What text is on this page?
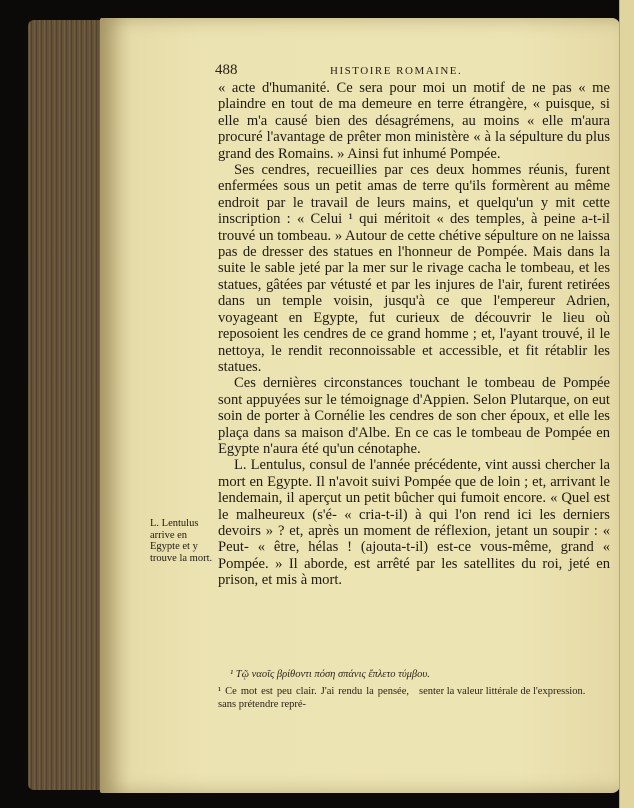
488	HISTOIRE ROMAINE.

« acte d'humanité. Ce sera pour moi un motif de ne pas « me plaindre en tout de ma demeure en terre étrangère, « puisque, si elle m'a causé bien des désagrémens, au moins « elle m'aura procuré l'avantage de prêter mon ministère « à la sépulture du plus grand des Romains. » Ainsi fut inhumé Pompée.

Ses cendres, recueillies par ces deux hommes réunis, furent enfermées sous un petit amas de terre qu'ils formèrent au même endroit par le travail de leurs mains, et quelqu'un y mit cette inscription : « Celui ¹ qui méritoit « des temples, à peine a-t-il trouvé un tombeau. » Autour de cette chétive sépulture on ne laissa pas de dresser des statues en l'honneur de Pompée. Mais dans la suite le sable jeté par la mer sur le rivage cacha le tombeau, et les statues, gâtées par vétusté et par les injures de l'air, furent retirées dans un temple voisin, jusqu'à ce que l'empereur Adrien, voyageant en Egypte, fut curieux de découvrir le lieu où reposoient les cendres de ce grand homme ; et, l'ayant trouvé, il le nettoya, le rendit reconnoissable et accessible, et fit rétablir les statues.

Ces dernières circonstances touchant le tombeau de Pompée sont appuyées sur le témoignage d'Appien. Selon Plutarque, on eut soin de porter à Cornélie les cendres de son cher époux, et elle les plaça dans sa maison d'Albe. En ce cas le tombeau de Pompée en Egypte n'aura été qu'un cénotaphe.

L. Lentulus, consul de l'année précédente, vint aussi chercher la mort en Egypte. Il n'avoit suivi Pompée que de loin ; et, arrivant le lendemain, il aperçut un petit bûcher qui fumoit encore. « Quel est le malheureux (s'é- « cria-t-il) à qui l'on rend ici les derniers devoirs » ? et, après un moment de réflexion, jetant un soupir : « Peut- « être, hélas ! (ajouta-t-il) est-ce vous-même, grand « Pompée. » Il aborde, est arrêté par les satellites du roi, jeté en prison, et mis à mort.

L. Lentulus arrive en Egypte et y trouve la mort.
¹ Τῷ ναοῖς βρίθοντι πόση σπάνις ἔπλετο τύμβου.
¹ Ce mot est peu clair. J'ai rendu la pensée, sans prétendre repré-
senter la valeur littérale de l'expression.
